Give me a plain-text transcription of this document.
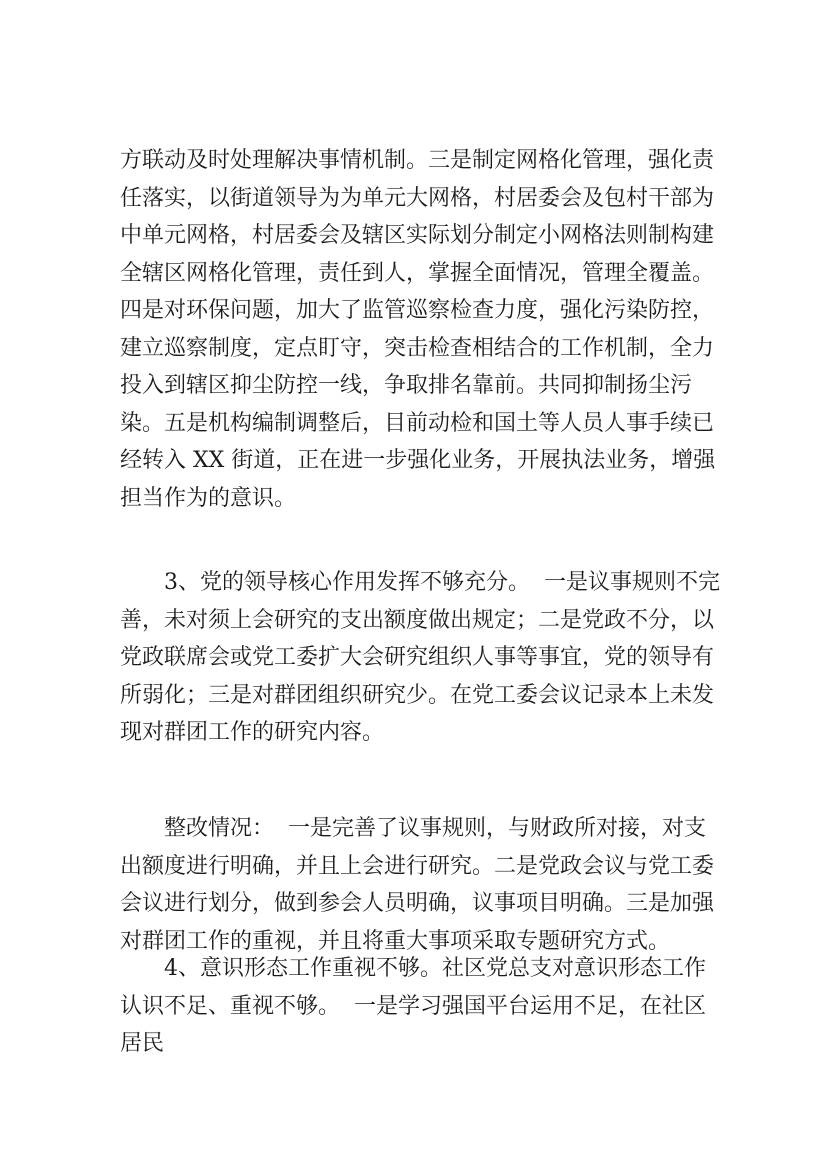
方联动及时处理解决事情机制。三是制定网格化管理，强化责任落实，以街道领导为为单元大网格，村居委会及包村干部为中单元网格，村居委会及辖区实际划分制定小网格法则制构建全辖区网格化管理，责任到人，掌握全面情况，管理全覆盖。四是对环保问题，加大了监管巡察检查力度，强化污染防控，建立巡察制度，定点盯守，突击检查相结合的工作机制，全力投入到辖区抑尘防控一线，争取排名靠前。共同抑制扬尘污染。五是机构编制调整后，目前动检和国土等人员人事手续已经转入 XX 街道，正在进一步强化业务，开展执法业务，增强担当作为的意识。

3、党的领导核心作用发挥不够充分。  一是议事规则不完善，未对须上会研究的支出额度做出规定；二是党政不分，以党政联席会或党工委扩大会研究组织人事等事宜，党的领导有所弱化；三是对群团组织研究少。在党工委会议记录本上未发现对群团工作的研究内容。

整改情况：  一是完善了议事规则，与财政所对接，对支出额度进行明确，并且上会进行研究。二是党政会议与党工委会议进行划分，做到参会人员明确，议事项目明确。三是加强对群团工作的重视，并且将重大事项采取专题研究方式。

4、意识形态工作重视不够。社区党总支对意识形态工作认识不足、重视不够。  一是学习强国平台运用不足，在社区居民
